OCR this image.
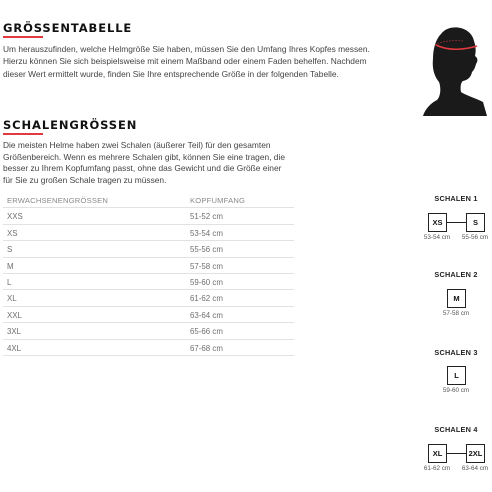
GRÖSSENTABELLE
Um herauszufinden, welche Helmgröße Sie haben, müssen Sie den Umfang Ihres Kopfes messen. Hierzu können Sie sich beispielsweise mit einem Maßband oder einem Faden behelfen. Nachdem dieser Wert ermittelt wurde, finden Sie Ihre entsprechende Größe in der folgenden Tabelle.
SCHALENGRÖSSEN
Die meisten Helme haben zwei Schalen (äußerer Teil) für den gesamten Größenbereich. Wenn es mehrere Schalen gibt, können Sie eine tragen, die besser zu Ihrem Kopfumfang passt, ohne das Gewicht und die Größe einer für Sie zu großen Schale tragen zu müssen.
ERWACHSENENGRÖSSEN	KOPFUMFANG
XXS	51-52 cm
XS	53-54 cm
S	55-56 cm
M	57-58 cm
L	59-60 cm
XL	61-62 cm
XXL	63-64 cm
3XL	65-66 cm
4XL	67-68 cm
SCHALEN 1
XS	S
53-54 cm	55-56 cm
SCHALEN 2
M
57-58 cm
SCHALEN 3
L
59-60 cm
SCHALEN 4
XL	2XL
61-62 cm	63-64 cm
